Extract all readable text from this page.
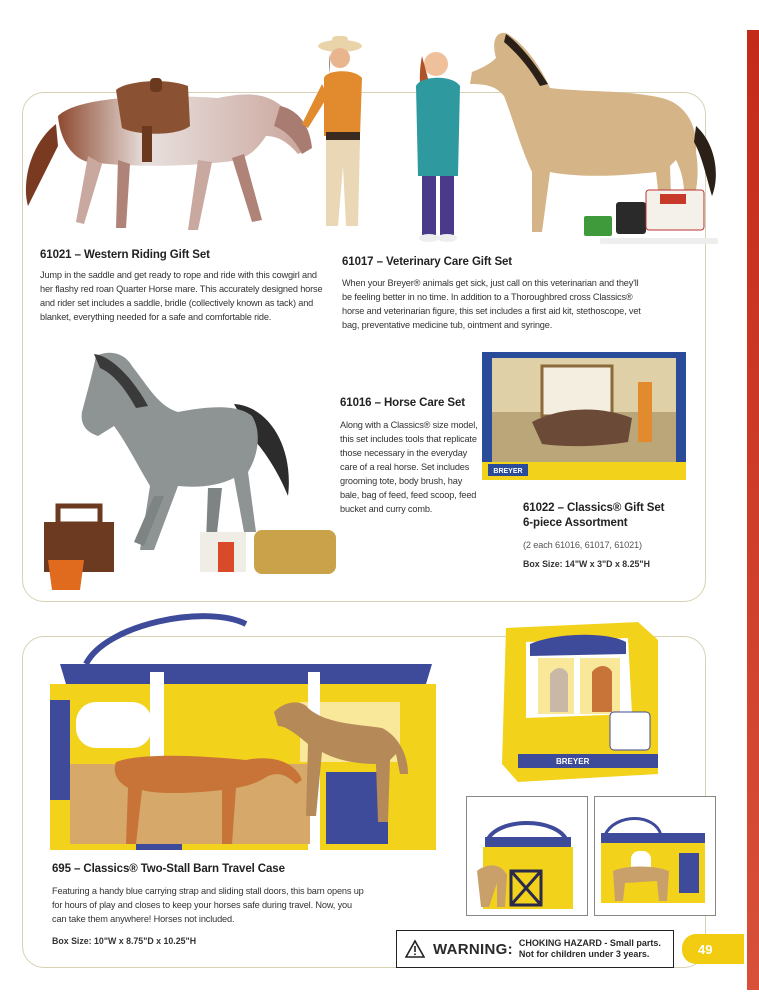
BREYER
BREYER
61021 – Western Riding Gift Set

Jump in the saddle and get ready to rope and ride with this cowgirl and her flashy red roan Quarter Horse mare. This accurately designed horse and rider set includes a saddle, bridle (collectively known as tack) and blanket, everything needed for a safe and comfortable ride.

61017 – Veterinary Care Gift Set

When your Breyer® animals get sick, just call on this veterinarian and they'll be feeling better in no time. In addition to a Thoroughbred cross Classics® horse and veterinarian figure, this set includes a first aid kit, stethoscope, vet bag, preventative medicine tub, ointment and syringe.

61016 – Horse Care Set

Along with a Classics® size model, this set includes tools that replicate those necessary in the everyday care of a real horse. Set includes grooming tote, body brush, hay bale, bag of feed, feed scoop, feed bucket and curry comb.	61022 – Classics® Gift Set
6-piece Assortment

(2 each 61016, 61017, 61021)

Box Size: 14"W x 3"D x 8.25"H
695 – Classics® Two-Stall Barn Travel Case

Featuring a handy blue carrying strap and sliding stall doors, this barn opens up for hours of play and closes to keep your horses safe during travel. Now, you can take them anywhere! Horses not included.

Box Size: 10"W x 8.75"D x 10.25"H	WARNING: CHOKING HAZARD - Small parts.
Not for children under 3 years.	49
